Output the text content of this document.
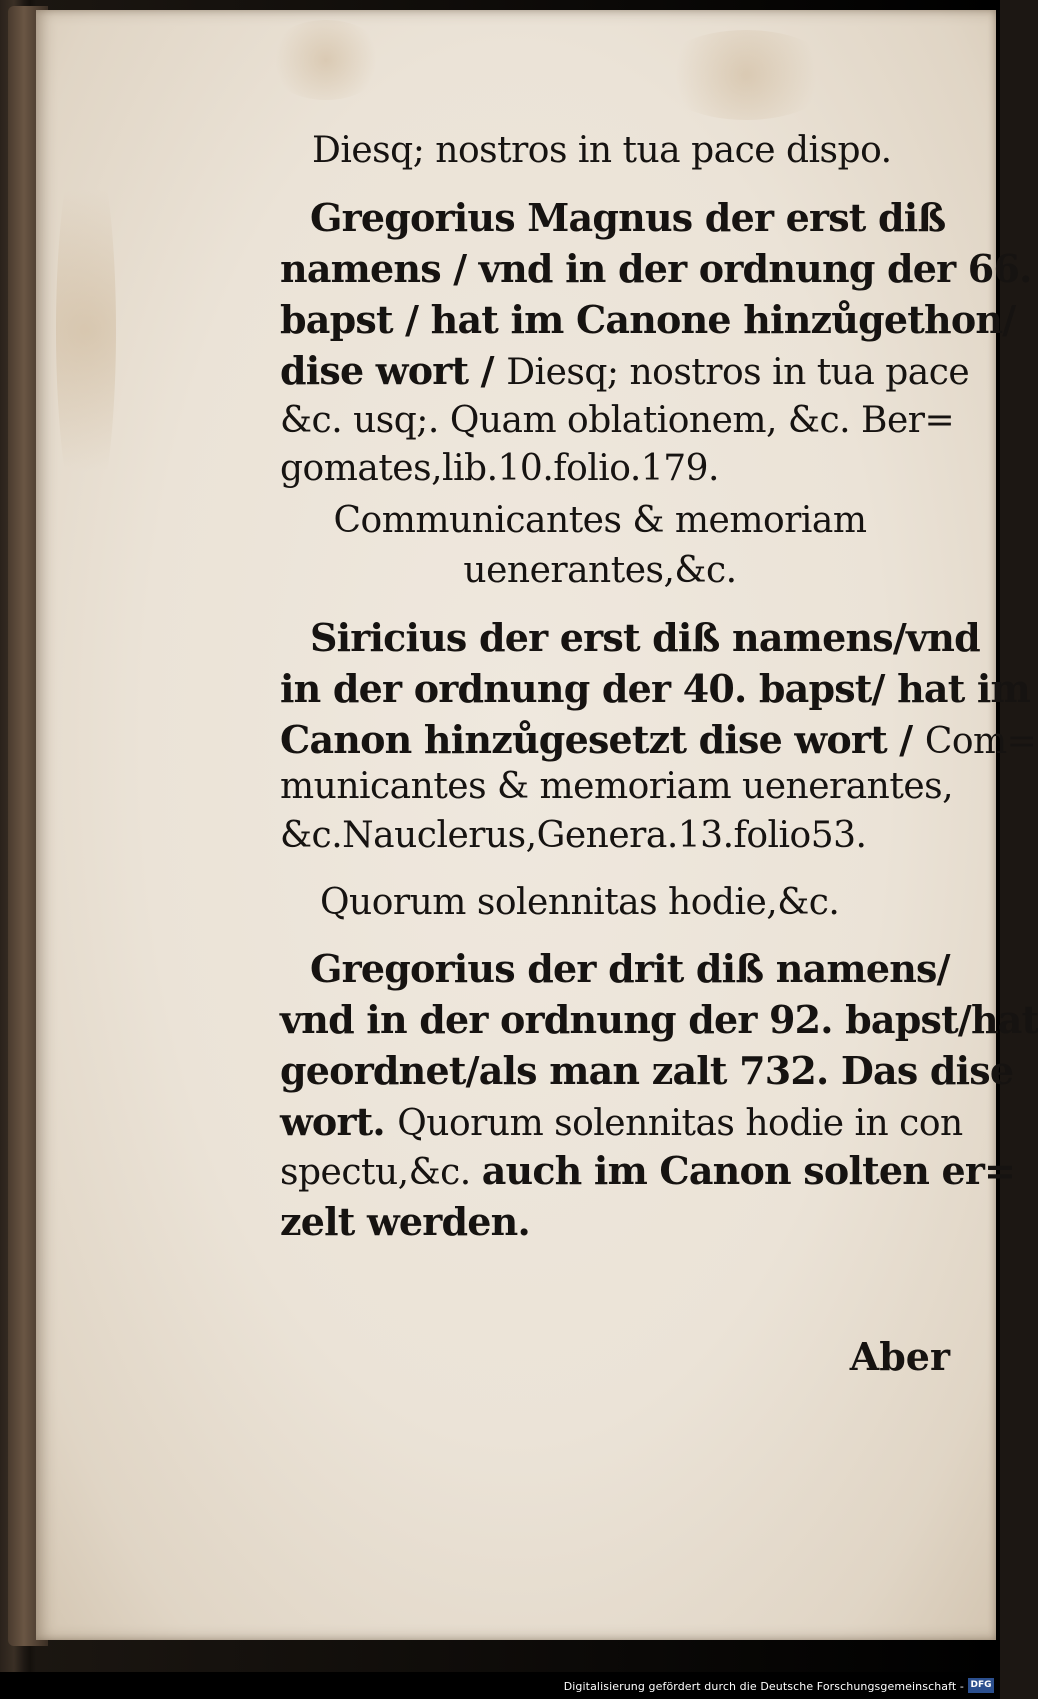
Diesq; nostros in tua pace dispo.
Gregorius Magnus der erst diß
namens / vnd in der ordnung der 66.
bapst / hat im Canone hinzůgethon/
dise wort / Diesq; nostros in tua pace
&c. usq;. Quam oblationem, &c. Ber=
gomates,lib.10.folio.179.
Communicantes & memoriam
uenerantes,&c.
Siricius der erst diß namens/vnd
in der ordnung der 40. bapst/ hat im
Canon hinzůgesetzt dise wort / Com=
municantes & memoriam uenerantes,
&c.Nauclerus,Genera.13.folio53.
Quorum solennitas hodie,&c.
Gregorius der drit diß namens/
vnd in der ordnung der 92. bapst/hat
geordnet/als man zalt 732. Das dise
wort. Quorum solennitas hodie in con
spectu,&c. auch im Canon solten er=
zelt werden.
Aber
Digitalisierung gefördert durch die Deutsche Forschungsgemeinschaft - DFG
